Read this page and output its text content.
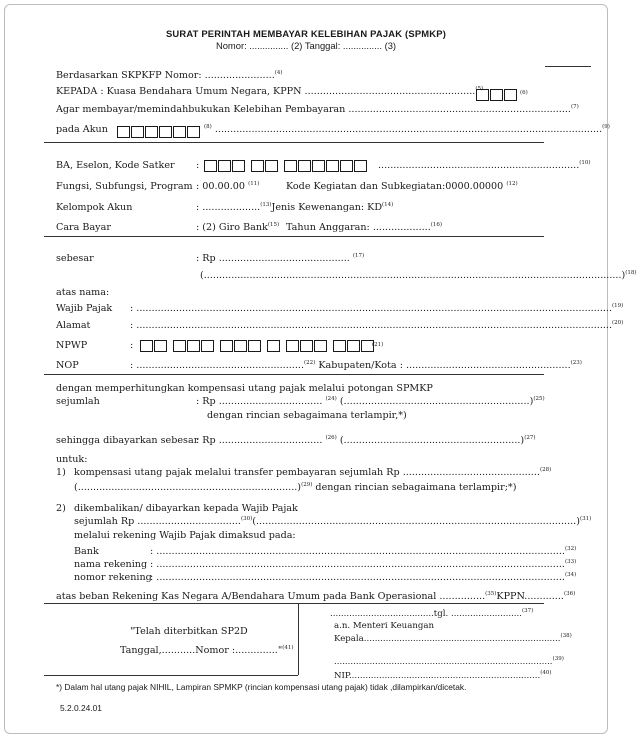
SURAT PERINTAH MEMBAYAR KELEBIHAN PAJAK (SPMKP)
Nomor: ............... (2) Tanggal: ............... (3)
Berdasarkan SKPKFP Nomor: .......................$^{(4)}$
KEPADA : Kuasa Bendahara Umum Negara, KPPN ........................................................$^{(5)}$
(6)
Agar membayar/memindahbukukan Kelebihan Pembayaran .........................................................................$^{(7)}$
pada Akun	$^{(8)}$ ...............................................................................................................................$^{(9)}$
BA, Eselon, Kode Satker :
	..................................................................$^{(10)}$
Fungsi, Subfungsi, Program : 00.00.00 $^{(11)}$	Kode Kegiatan dan Subkegiatan:0000.00000 $^{(12)}$
Kelompok Akun	: ...................$^{(13)}$Jenis Kewenangan: KD$^{(14)}$
Cara Bayar	: (2) Giro Bank$^{(15)}$ Tahun Anggaran: ...................$^{(16)}$
sebesar	: Rp ........................................... $^{(17)}$
(.........................................................................................................................................)$^{(18)}$
atas nama:
Wajib Pajak : ............................................................................................................................................................$^{(19)}$
Alamat	: ............................................................................................................................................................$^{(20)}$
NPWP	:
	(21)
NOP	: .......................................................$^{(22)}$ Kabupaten/Kota : ......................................................$^{(23)}$
dengan memperhitungkan kompensasi utang pajak melalui potongan SPMKP
sejumlah	: Rp .................................. $^{(24)}$ (.............................................................)$^{(25)}$
dengan rincian sebagaimana terlampir,*)
sehingga dibayarkan sebesar
: Rp .................................. $^{(26)}$ (..........................................................)$^{(27)}$
untuk:
1) kompensasi utang pajak melalui transfer pembayaran sejumlah Rp .............................................$^{(28)}$
(........................................................................)$^{(29)}$ dengan rincian sebagaimana terlampir;*)
2) dikembalikan/ dibayarkan kepada Wajib Pajak
sejumlah Rp ..................................$^{(30)}$(.........................................................................................................)$^{(31)}$
melalui rekening Wajib Pajak dimaksud pada:
Bank	: ......................................................................................................................................$^{(32)}$
nama rekening : ......................................................................................................................................$^{(33)}$
nomor rekening
: ......................................................................................................................................$^{(34)}$
atas beban Rekening Kas Negara A/Bendahara Umum pada Bank Operasional ...............$^{(35)}$KPPN.............$^{(36)}$
"Telah diterbitkan SP2D
Tanggal,...........Nomor :.............."$^{(41)}$
......................................tgl. ..........................$^{(37)}$
a.n. Menteri Keuangan
Kepala........................................................................$^{(38)}$
................................................................................$^{(39)}$
NIP......................................................................$^{(40)}$
*) Dalam hal utang pajak NIHIL, Lampiran SPMKP (rincian kompensasi utang pajak) tidak ,dilampirkan/dicetak.
5.2.0.24.01
